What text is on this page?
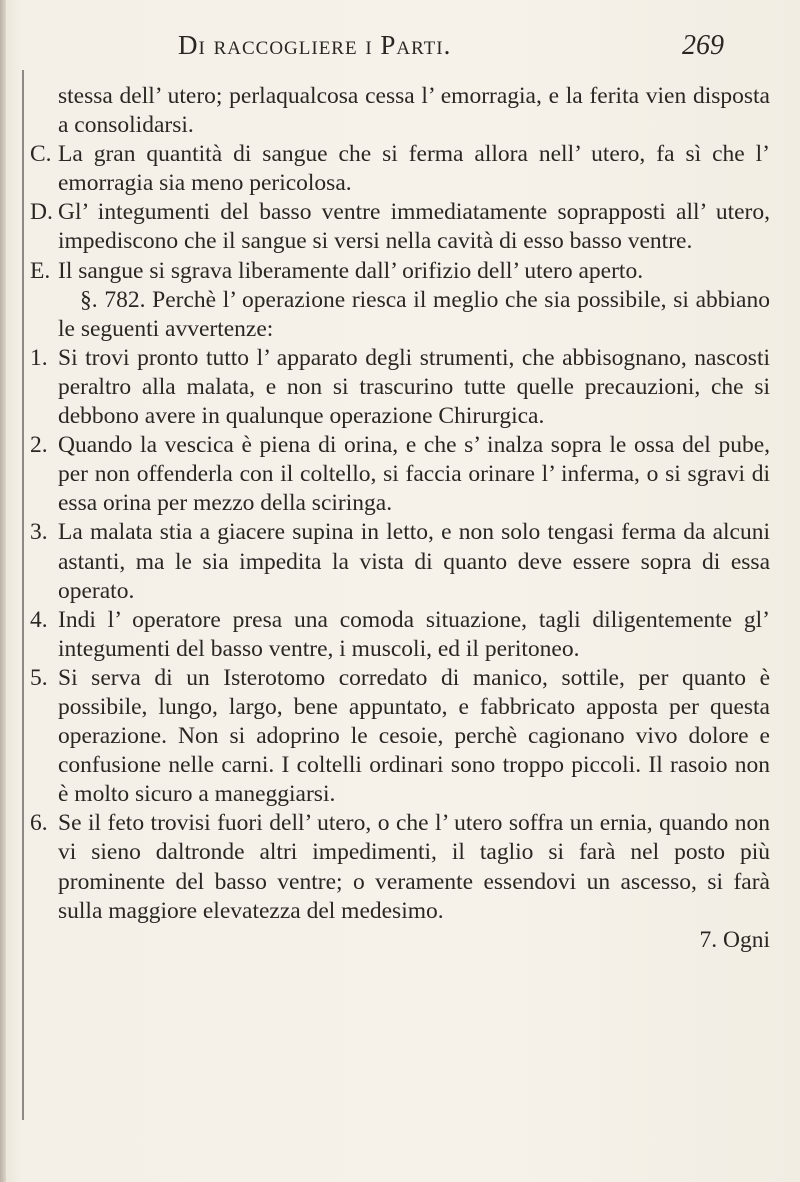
Di raccogliere i Parti.	269

stessa dell’ utero; perlaqualcosa cessa l’ emorragia, e la ferita vien disposta a consolidarsi.

C. La gran quantità di sangue che si ferma allora nell’ utero, fa sì che l’ emorragia sia meno pericolosa.

D. Gl’ integumenti del basso ventre immediatamente soprapposti all’ utero, impediscono che il sangue si versi nella cavità di esso basso ventre.

E. Il sangue si sgrava liberamente dall’ orifizio dell’ utero aperto.

§. 782. Perchè l’ operazione riesca il meglio che sia possibile, si abbiano le seguenti avvertenze:

1. Si trovi pronto tutto l’ apparato degli strumenti, che abbisognano, nascosti peraltro alla malata, e non si trascurino tutte quelle precauzioni, che si debbono avere in qualunque operazione Chirurgica.

2. Quando la vescica è piena di orina, e che s’ inalza sopra le ossa del pube, per non offenderla con il coltello, si faccia orinare l’ inferma, o si sgravi di essa orina per mezzo della sciringa.

3. La malata stia a giacere supina in letto, e non solo tengasi ferma da alcuni astanti, ma le sia impedita la vista di quanto deve essere sopra di essa operato.

4. Indi l’ operatore presa una comoda situazione, tagli diligentemente gl’ integumenti del basso ventre, i muscoli, ed il peritoneo.

5. Si serva di un Isterotomo corredato di manico, sottile, per quanto è possibile, lungo, largo, bene appuntato, e fabbricato apposta per questa operazione. Non si adoprino le cesoie, perchè cagionano vivo dolore e confusione nelle carni. I coltelli ordinari sono troppo piccoli. Il rasoio non è molto sicuro a maneggiarsi.

6. Se il feto trovisi fuori dell’ utero, o che l’ utero soffra un ernia, quando non vi sieno daltronde altri impedimenti, il taglio si farà nel posto più prominente del basso ventre; o veramente essendovi un ascesso, si farà sulla maggiore elevatezza del medesimo.

7. Ogni
